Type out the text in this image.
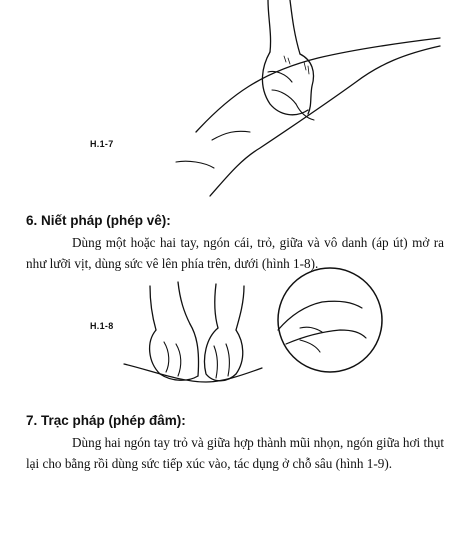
H.1-7
6. Niết pháp (phép vê):
Dùng một hoặc hai tay, ngón cái, trỏ, giữa và vô danh (áp út) mở ra như lưỡi vịt, dùng sức vê lên phía trên, dưới (hình 1-8).
H.1-8
7. Trạc pháp (phép đâm):
Dùng hai ngón tay trỏ và giữa hợp thành mũi nhọn, ngón giữa hơi thụt lại cho bằng rồi dùng sức tiếp xúc vào, tác dụng ở chỗ sâu (hình 1-9).
